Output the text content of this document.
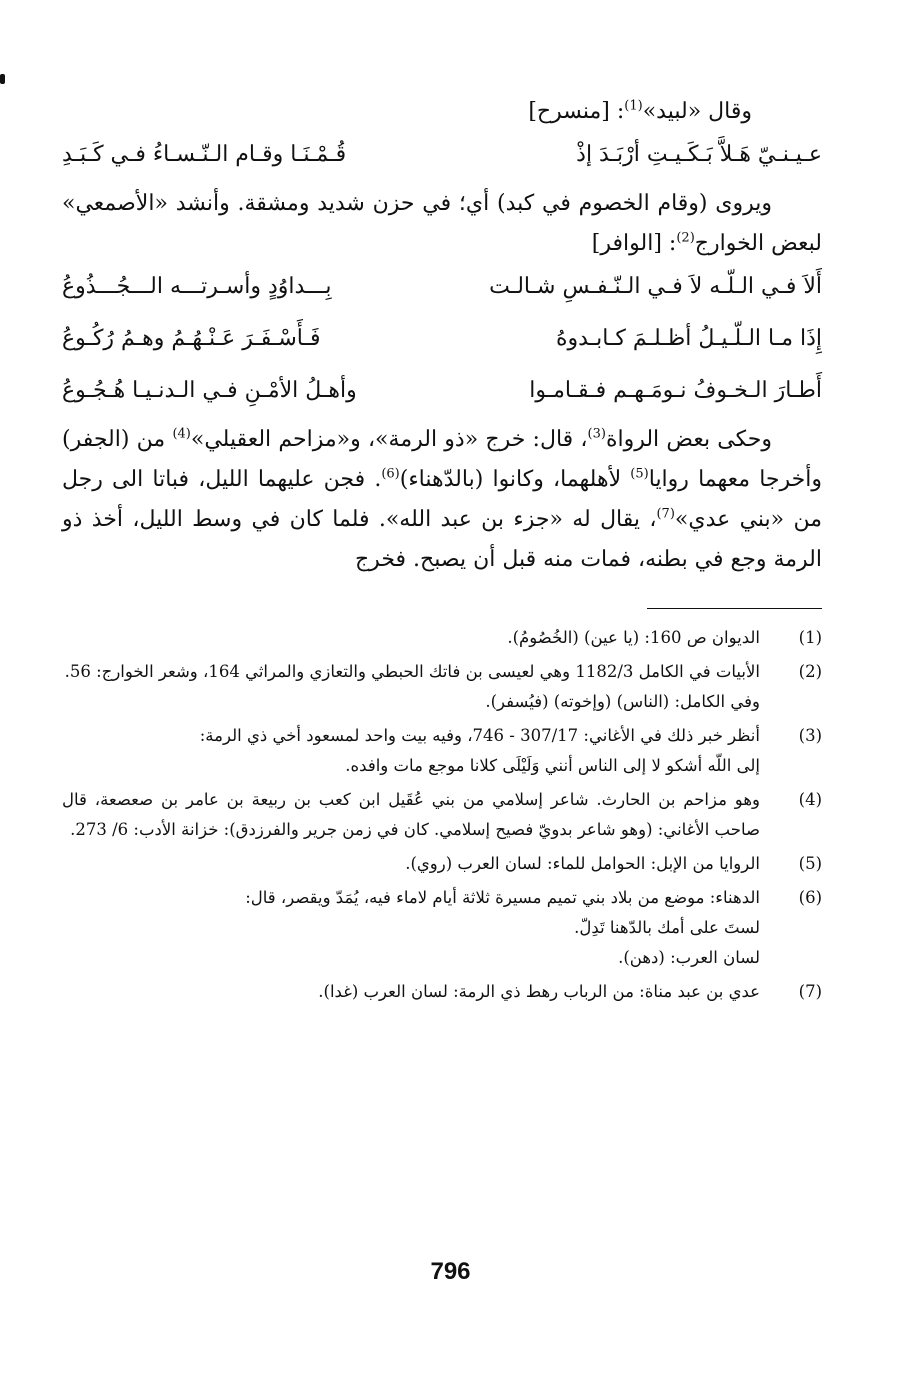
وقال «لبيد»$^{(1)}$: [منسرح]

عـيـنـيّ هَـلاَّ بَـكَـيـتِ أرْبَـدَ إذْ
قُـمْـنَـا وقـام الـنّـسـاءُ فـي كَـبَـدِ

ويروى (وقام الخصوم في كبد) أي؛ في حزن شديد ومشقة. وأنشد «الأصمعي» لبعض الخوارج$^{(2)}$: [الوافر]

أَلاَ فـي الـلّـه لاَ فـي الـنّـفـسِ شـالـت
بِـــداوُدٍ وأسـرتـــه الـــجُـــذُوعُ
إِذَا مـا الـلّـيـلُ أظـلـمَ كـابـدوهُ
فَـأَسْـفَـرَ عَـنْـهُـمُ وهـمُ رُكُـوعُ
أَطـارَ الـخـوفُ نـومَـهـم فـقـامـوا
وأهـلُ الأمْـنِ فـي الـدنـيـا هُـجُـوعُ

وحكى بعض الرواة$^{(3)}$، قال: خرج «ذو الرمة»، و«مزاحم العقيلي»$^{(4)}$ من (الجفر) وأخرجا معهما روايا$^{(5)}$ لأهلهما، وكانوا (بالدّهناء)$^{(6)}$. فجن عليهما الليل، فباتا الى رجل من «بني عدي»$^{(7)}$، يقال له «جزء بن عبد الله». فلما كان في وسط الليل، أخذ ذو الرمة وجع في بطنه، فمات منه قبل أن يصبح. فخرج

(1)
الديوان ص 160: (يا عين) (الخُصُومُ).
(2)
الأبيات في الكامل 1182/3 وهي لعيسى بن فاتك الحبطي والتعازي والمراثي 164، وشعر الخوارج: 56.
وفي الكامل: (الناس) (وإخوته) (فيُسفر).
(3)
أنظر خبر ذلك في الأغاني: 307/17 - 746، وفيه بيت واحد لمسعود أخي ذي الرمة:
إلى اللّه أشكو لا إلى الناس أنني وَلَيْلَى كلانا موجع مات وافده.
(4)
وهو مزاحم بن الحارث. شاعر إسلامي من بني عُقَيل ابن كعب بن ربيعة بن عامر بن صعصعة، قال صاحب الأغاني: (وهو شاعر بدويّ فصيح إسلامي. كان في زمن جرير والفرزدق): خزانة الأدب: 6/ 273.
(5)
الروايا من الإبل: الحوامل للماء: لسان العرب (روي).
(6)
الدهناء: موضع من بلاد بني تميم مسيرة ثلاثة أيام لاماء فيه، يُمَدّ ويقصر، قال:
لستَ على أمك بالدّهنا تَدِلّ.
لسان العرب: (دهن).
(7)
عدي بن عبد مناة: من الرباب رهط ذي الرمة: لسان العرب (غدا).
796
